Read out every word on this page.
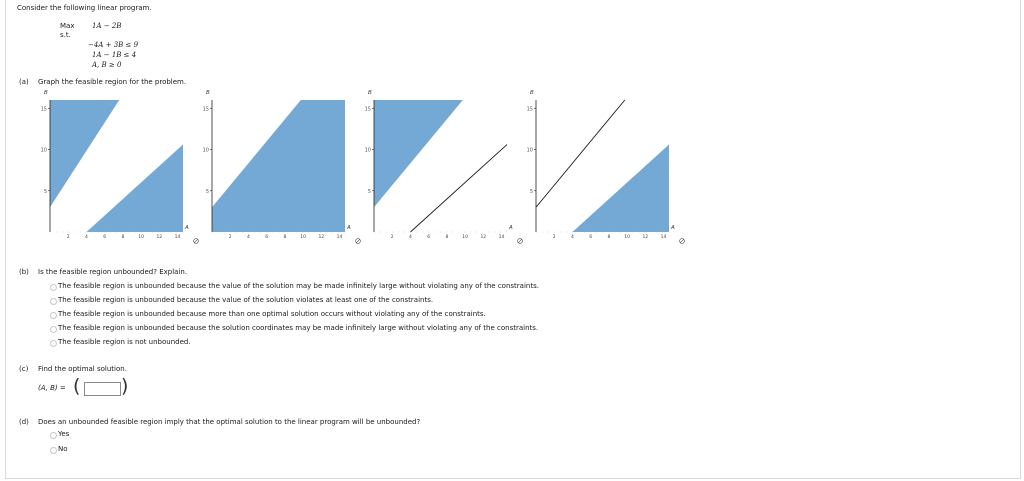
Consider the following linear program.
Max	1A − 2B
s.t.
−4A + 3B ≤ 9
1A − 1B ≤ 4
A, B ≥ 0
(a) Graph the feasible region for the problem.
B
A
5
10
15
2	4	6	8	10	12	14
B
A
5
10
15
2	4	6	8	10	12	14
B
A
5
10
15
2	4	6	8	10	12	14
B
A
5
10
15
2	4	6	8	10	12	14
(b) Is the feasible region unbounded? Explain.
The feasible region is unbounded because the value of the solution may be made infinitely large without violating any of the constraints.
The feasible region is unbounded because the value of the solution violates at least one of the constraints.
The feasible region is unbounded because more than one optimal solution occurs without violating any of the constraints.
The feasible region is unbounded because the solution coordinates may be made infinitely large without violating any of the constraints.
The feasible region is not unbounded.
(c) Find the optimal solution.
(A, B) = ( )
(d) Does an unbounded feasible region imply that the optimal solution to the linear program will be unbounded?
Yes
No
